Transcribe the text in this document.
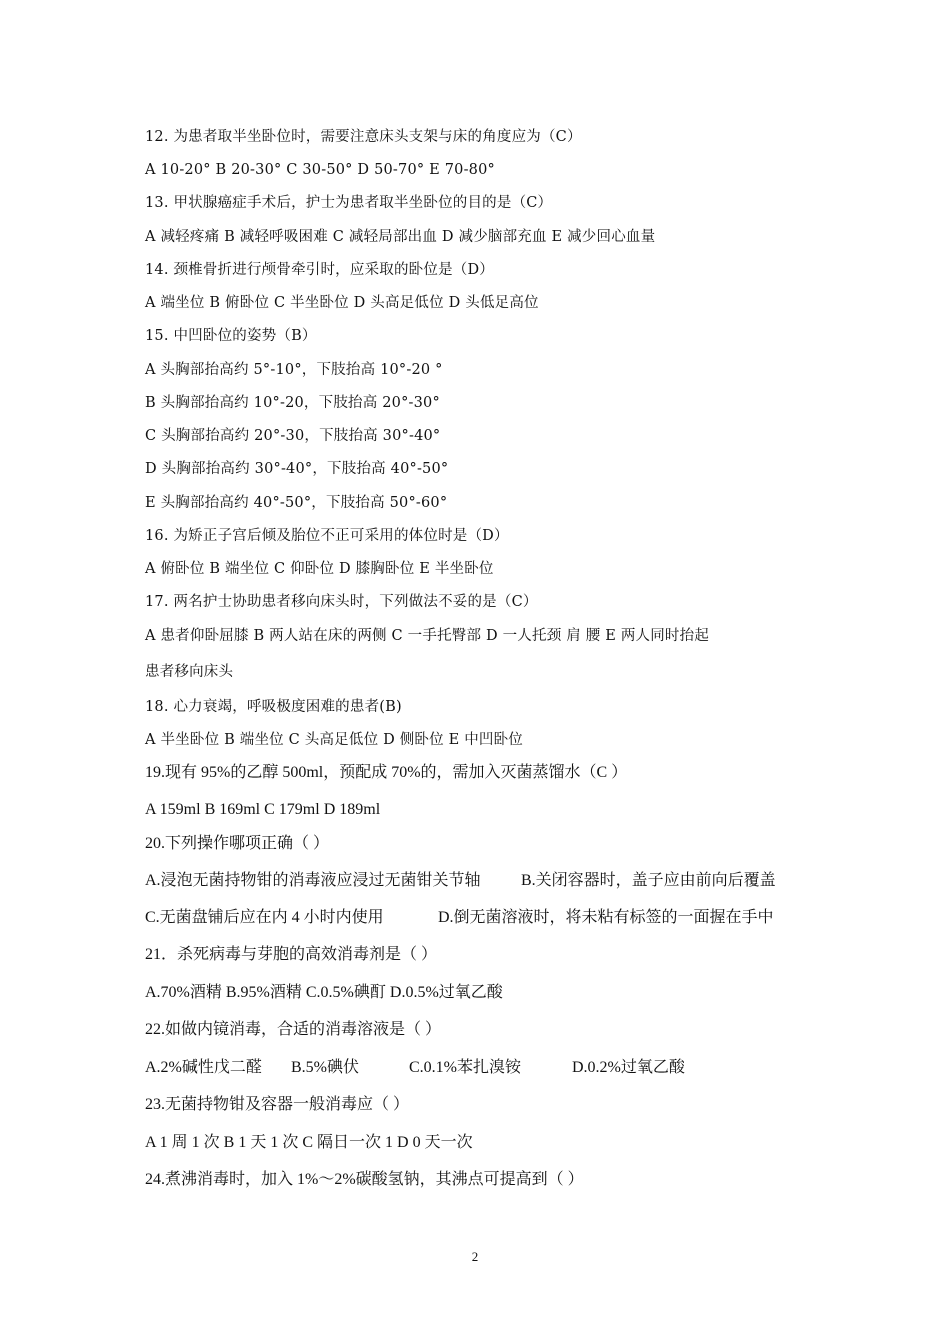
12. 为患者取半坐卧位时，需要注意床头支架与床的角度应为（C）
A 10-20° B 20-30° C 30-50° D 50-70° E 70-80°
13. 甲状腺癌症手术后，护士为患者取半坐卧位的目的是（C）
A 减轻疼痛 B 减轻呼吸困难 C 减轻局部出血 D 减少脑部充血 E 减少回心血量
14. 颈椎骨折进行颅骨牵引时，应采取的卧位是（D）
A 端坐位 B 俯卧位 C 半坐卧位 D 头高足低位 D 头低足高位
15. 中凹卧位的姿势（B）
A 头胸部抬高约 5°-10°，下肢抬高 10°-20 °
B 头胸部抬高约 10°-20，下肢抬高 20°-30°
C 头胸部抬高约 20°-30，下肢抬高 30°-40°
D 头胸部抬高约 30°-40°，下肢抬高 40°-50°
E 头胸部抬高约 40°-50°，下肢抬高 50°-60°
16. 为矫正子宫后倾及胎位不正可采用的体位时是（D）
A 俯卧位 B 端坐位 C 仰卧位 D 膝胸卧位 E 半坐卧位
17. 两名护士协助患者移向床头时，下列做法不妥的是（C）
A 患者仰卧屈膝 B 两人站在床的两侧 C 一手托臀部 D 一人托颈 肩 腰 E 两人同时抬起
患者移向床头
18. 心力衰竭，呼吸极度困难的患者(B)
A 半坐卧位 B 端坐位 C 头高足低位 D 侧卧位 E 中凹卧位
19.现有 95%的乙醇 500ml，预配成 70%的，需加入灭菌蒸馏水（C ）
A 159ml B 169ml C 179ml D 189ml
20.下列操作哪项正确（ ）
A.浸泡无菌持物钳的消毒液应浸过无菌钳关节轴	B.关闭容器时，盖子应由前向后覆盖
C.无菌盘铺后应在内 4 小时内使用	D.倒无菌溶液时，将未粘有标签的一面握在手中
21．杀死病毒与芽胞的高效消毒剂是（ ）
A.70%酒精 B.95%酒精 C.0.5%碘酊 D.0.5%过氧乙酸
22.如做内镜消毒，合适的消毒溶液是（ ）
A.2%碱性戊二醛 B.5%碘伏	C.0.1%苯扎溴铵	D.0.2%过氧乙酸
23.无菌持物钳及容器一般消毒应（ ）
A 1 周 1 次 B 1 天 1 次 C 隔日一次 1 D 0 天一次
24.煮沸消毒时，加入 1%～2%碳酸氢钠，其沸点可提高到（ ）
2
